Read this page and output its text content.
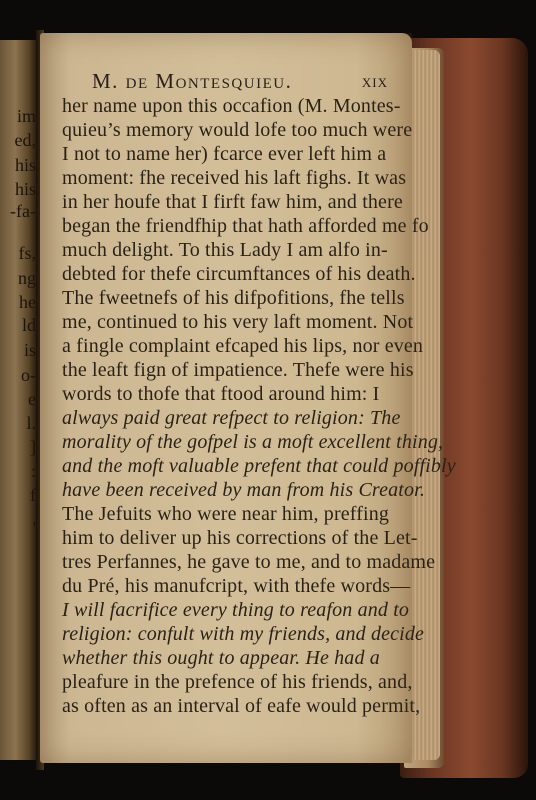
im
ed,
his
his
-fa-
fs,
ng
he
ld
is
o-
e
l.
]
:
f
'
M. de Montesquieu.	xix
her name upon this occafion (M. Montes-
quieu’s memory would lofe too much were
I not to name her) fcarce ever left him a
moment: fhe received his laft fighs. It was
in her houfe that I firft faw him, and there
began the friendfhip that hath afforded me fo
much delight. To this Lady I am alfo in-
debted for thefe circumftances of his death.
The fweetnefs of his difpofitions, fhe tells
me, continued to his very laft moment. Not
a fingle complaint efcaped his lips, nor even
the leaft fign of impatience. Thefe were his
words to thofe that ftood around him: I
always paid great refpect to religion: The
morality of the gofpel is a moft excellent thing,
and the moft valuable prefent that could poffibly
have been received by man from his Creator.
The Jefuits who were near him, preffing
him to deliver up his corrections of the Let-
tres Perfannes, he gave to me, and to madame
du Pré, his manufcript, with thefe words—
I will facrifice every thing to reafon and to
religion: confult with my friends, and decide
whether this ought to appear. He had a
pleafure in the prefence of his friends, and,
as often as an interval of eafe would permit,
